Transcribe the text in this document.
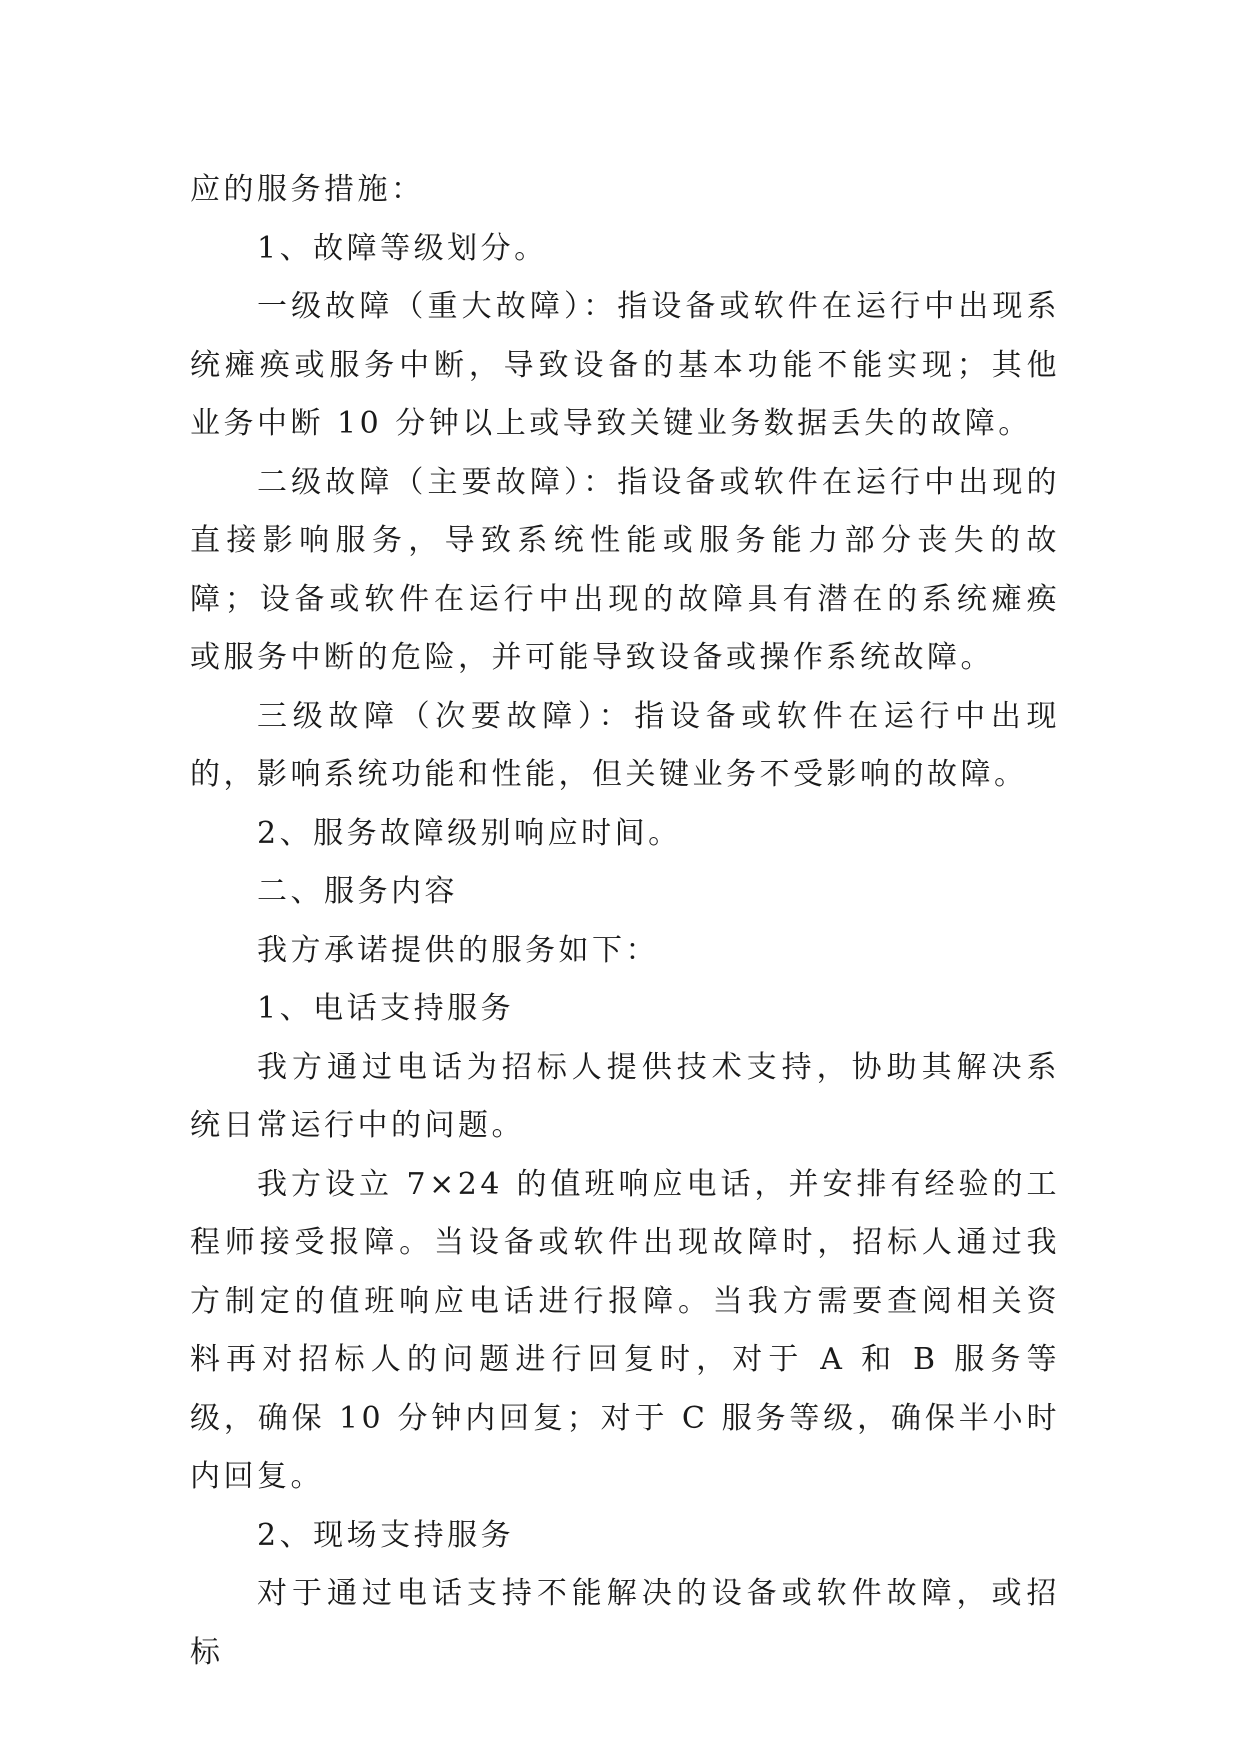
应的服务措施：

1、故障等级划分。

一级故障（重大故障）：指设备或软件在运行中出现系统瘫痪或服务中断，导致设备的基本功能不能实现；其他业务中断 10 分钟以上或导致关键业务数据丢失的故障。

二级故障（主要故障）：指设备或软件在运行中出现的直接影响服务，导致系统性能或服务能力部分丧失的故障；设备或软件在运行中出现的故障具有潜在的系统瘫痪或服务中断的危险，并可能导致设备或操作系统故障。

三级故障（次要故障）：指设备或软件在运行中出现的，影响系统功能和性能，但关键业务不受影响的故障。

2、服务故障级别响应时间。

二、服务内容

我方承诺提供的服务如下：

1、电话支持服务

我方通过电话为招标人提供技术支持，协助其解决系统日常运行中的问题。

我方设立 7×24 的值班响应电话，并安排有经验的工程师接受报障。当设备或软件出现故障时，招标人通过我方制定的值班响应电话进行报障。当我方需要查阅相关资料再对招标人的问题进行回复时，对于 A 和 B 服务等级，确保 10 分钟内回复；对于 C 服务等级，确保半小时内回复。

2、现场支持服务

对于通过电话支持不能解决的设备或软件故障，或招标
